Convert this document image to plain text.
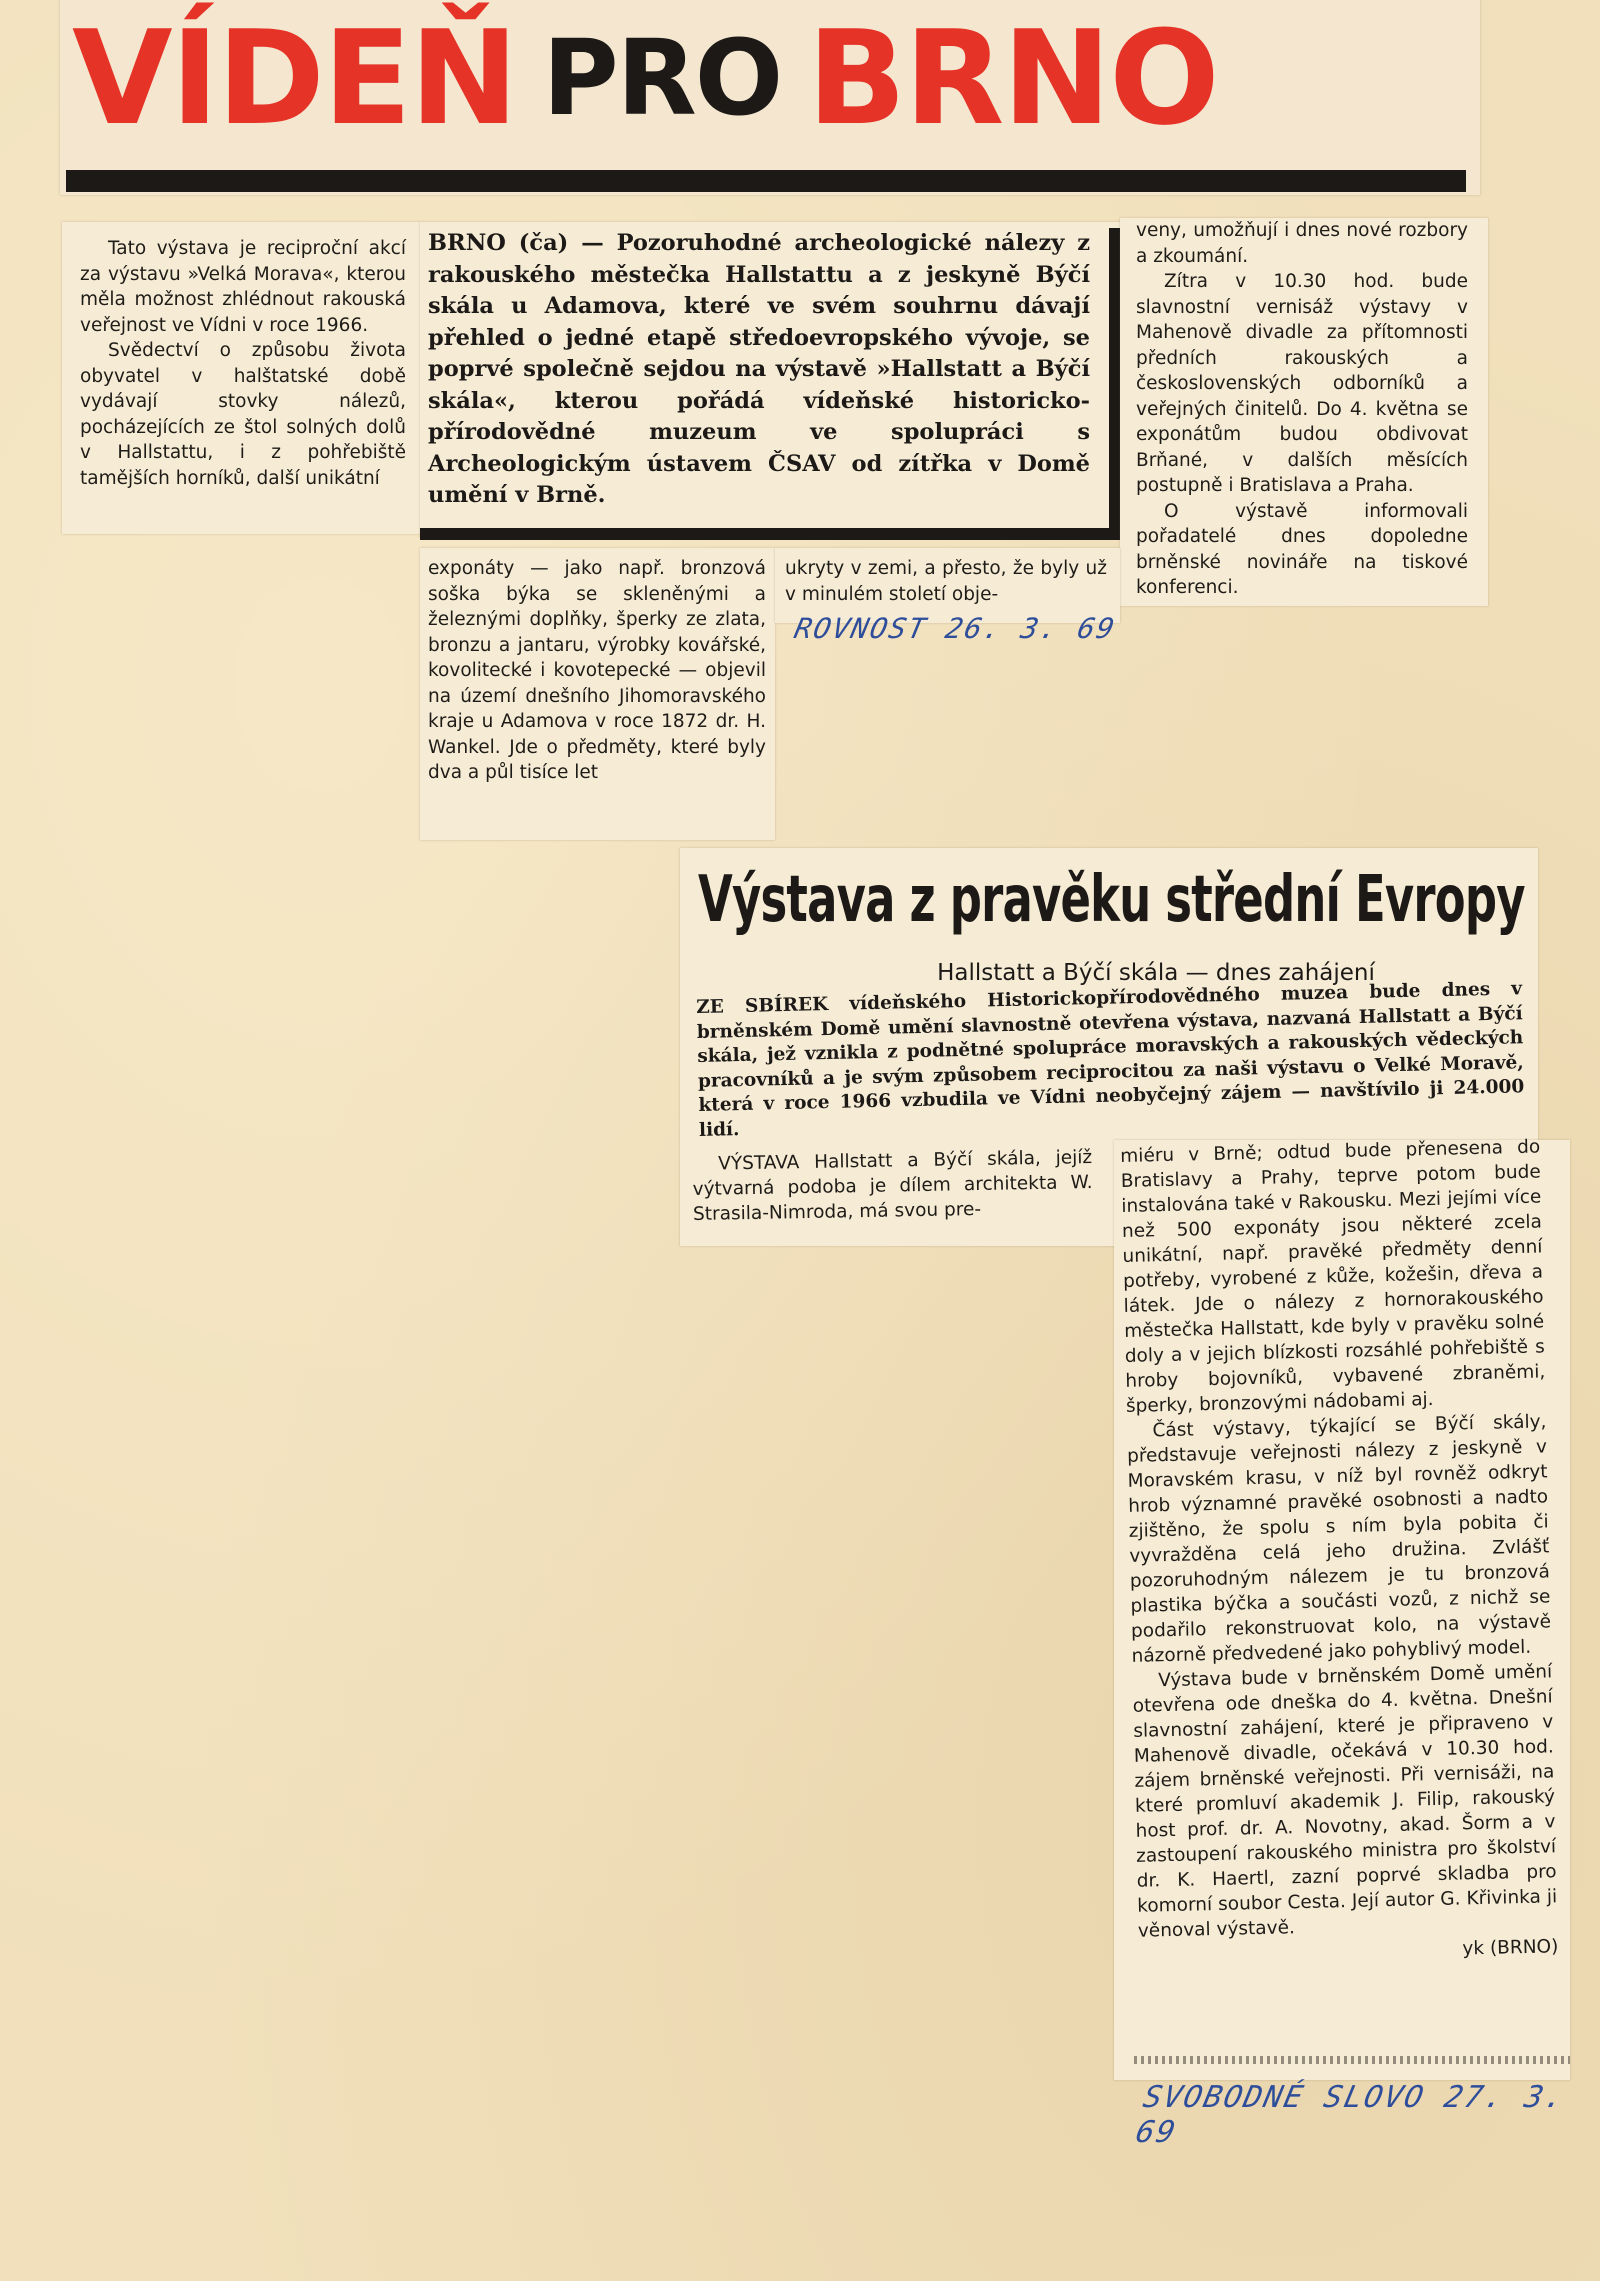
VÍDEŇ PRO BRNO

Tato výstava je reciproční akcí za výstavu »Velká Morava«, kterou měla možnost zhlédnout rakouská veřejnost ve Vídni v roce 1966.

Svědectví o způsobu života obyvatel v halštatské době vydávají stovky nálezů, pocházejících ze štol solných dolů v Hallstattu, i z pohřebiště tamějších horníků, další unikátní

BRNO (ča) — Pozoruhodné archeologické nálezy z rakouského městečka Hallstattu a z jeskyně Býčí skála u Adamova, které ve svém souhrnu dávají přehled o jedné etapě středoevropského vývoje, se poprvé společně sejdou na výstavě »Hallstatt a Býčí skála«, kterou pořádá vídeňské historicko-přírodovědné muzeum ve spolupráci s Archeologickým ústavem ČSAV od zítřka v Domě umění v Brně.

veny, umožňují i dnes nové rozbory a zkoumání.

Zítra v 10.30 hod. bude slavnostní vernisáž výstavy v Mahenově divadle za přítomnosti předních rakouských a československých odborníků a veřejných činitelů. Do 4. května se exponátům budou obdivovat Brňané, v dalších měsících postupně i Bratislava a Praha.

O výstavě informovali pořadatelé dnes dopoledne brněnské novináře na tiskové konferenci.

exponáty — jako např. bronzová soška býka se skleněnými a železnými doplňky, šperky ze zlata, bronzu a jantaru, výrobky kovářské, kovolitecké i kovotepecké — objevil na území dnešního Jihomoravského kraje u Adamova v roce 1872 dr. H. Wankel. Jde o předměty, které byly dva a půl tisíce let

ukryty v zemi, a přesto, že byly už v minulém století obje-

ROVNOST 26. 3. 69
Výstava z pravěku střední Evropy
Hallstatt a Býčí skála — dnes zahájení
ZE SBÍREK vídeňského Historickopřírodovědného muzea bude dnes v brněnském Domě umění slavnostně otevřena výstava, nazvaná Hallstatt a Býčí skála, jež vznikla z podnětné spolupráce moravských a rakouských vědeckých pracovníků a je svým způsobem reciprocitou za naši výstavu o Velké Moravě, která v roce 1966 vzbudila ve Vídni neobyčejný zájem — navštívilo ji 24.000 lidí.

VÝSTAVA Hallstatt a Býčí skála, jejíž výtvarná podoba je dílem architekta W. Strasila-Nimroda, má svou pre-

miéru v Brně; odtud bude přenesena do Bratislavy a Prahy, teprve potom bude instalována také v Rakousku. Mezi jejími více než 500 exponáty jsou některé zcela unikátní, např. pravěké předměty denní potřeby, vyrobené z kůže, kožešin, dřeva a látek. Jde o nálezy z hornorakouského městečka Hallstatt, kde byly v pravěku solné doly a v jejich blízkosti rozsáhlé pohřebiště s hroby bojovníků, vybavené zbraněmi, šperky, bronzovými nádobami aj.

Část výstavy, týkající se Býčí skály, představuje veřejnosti nálezy z jeskyně v Moravském krasu, v níž byl rovněž odkryt hrob významné pravěké osobnosti a nadto zjištěno, že spolu s ním byla pobita či vyvražděna celá jeho družina. Zvlášť pozoruhodným nálezem je tu bronzová plastika býčka a součásti vozů, z nichž se podařilo rekonstruovat kolo, na výstavě názorně předvedené jako pohyblivý model.

Výstava bude v brněnském Domě umění otevřena ode dneška do 4. května. Dnešní slavnostní zahájení, které je připraveno v Mahenově divadle, očekává v 10.30 hod. zájem brněnské veřejnosti. Při vernisáži, na které promluví akademik J. Filip, rakouský host prof. dr. A. Novotny, akad. Šorm a v zastoupení rakouského ministra pro školství dr. K. Haertl, zazní poprvé skladba pro komorní soubor Cesta. Její autor G. Křivinka ji věnoval výstavě.

yk (BRNO)

SVOBODNÉ SLOVO 27. 3. 69
